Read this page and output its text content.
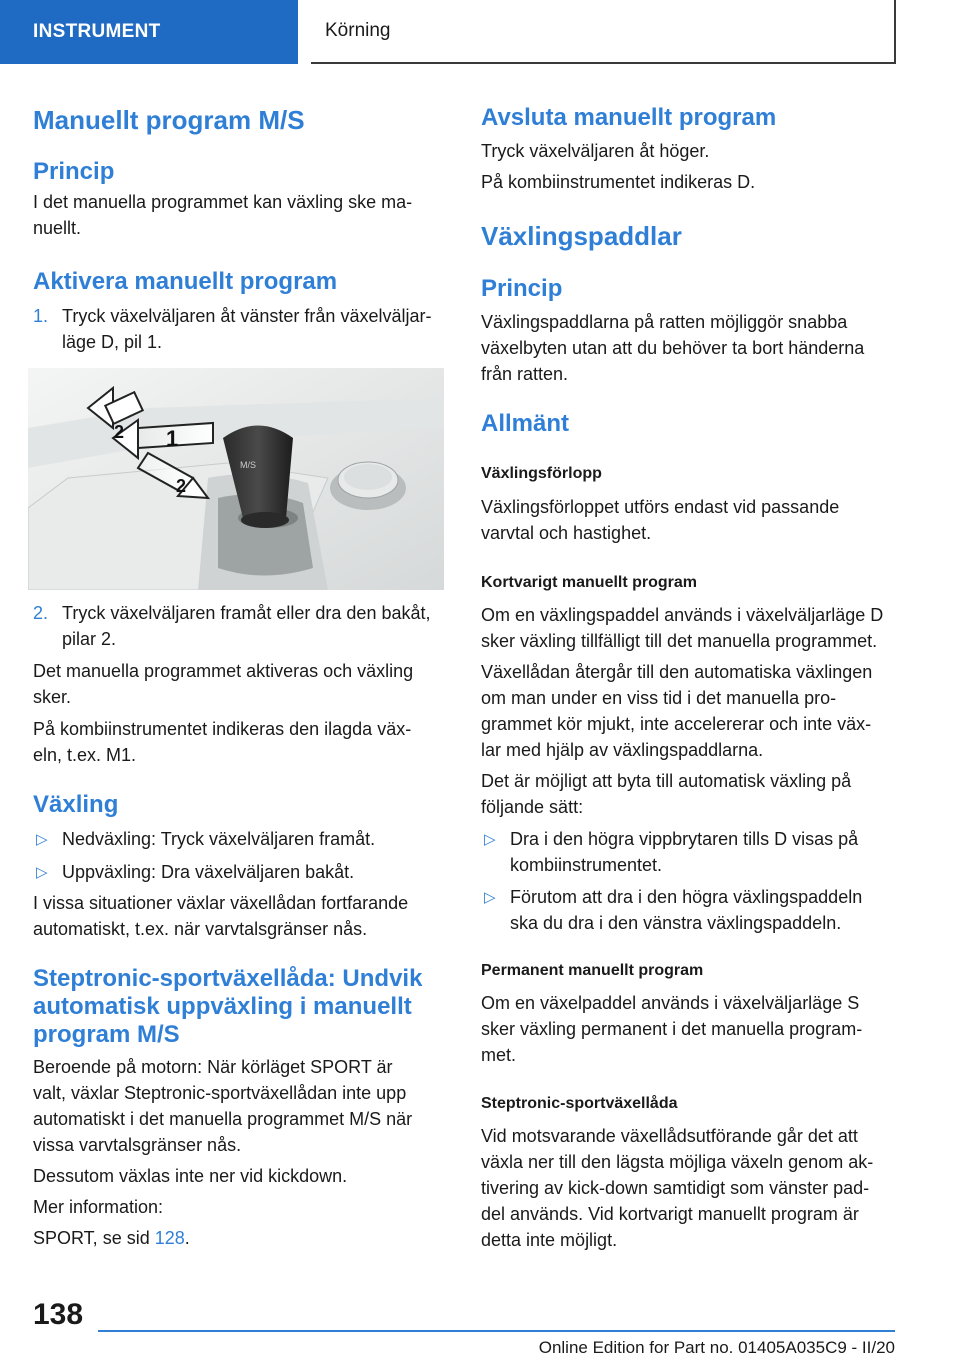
INSTRUMENT	Körning
Manuellt program M/S
Princip

I det manuella programmet kan växling ske ma‐

nuellt.

Aktivera manuellt program
1. Tryck växelväljaren åt vänster från växelväljar‐
läge D, pil 1.
2. Tryck växelväljaren framåt eller dra den bakåt,
pilar 2.

Det manuella programmet aktiveras och växling

sker.

På kombiinstrumentet indikeras den ilagda väx‐

eln, t.ex. M1.

Växling
▷ Nedväxling: Tryck växelväljaren framåt.
▷ Uppväxling: Dra växelväljaren bakåt.

I vissa situationer växlar växellådan fortfarande

automatiskt, t.ex. när varvtalsgränser nås.

Steptronic-sportväxellåda: Undvik
automatisk uppväxling i manuellt
program M/S

Beroende på motorn: När körläget SPORT är

valt, växlar Steptronic-sportväxellådan inte upp

automatiskt i det manuella programmet M/S när

vissa varvtalsgränser nås.

Dessutom växlas inte ner vid kickdown.

Mer information:

SPORT, se sid 128.

M/S
1
2
2
Avsluta manuellt program

Tryck växelväljaren åt höger.

På kombiinstrumentet indikeras D.

Växlingspaddlar
Princip

Växlingspaddlarna på ratten möjliggör snabba

växelbyten utan att du behöver ta bort händerna

från ratten.

Allmänt
Växlingsförlopp

Växlingsförloppet utförs endast vid passande

varvtal och hastighet.

Kortvarigt manuellt program

Om en växlingspaddel används i växelväljarläge D

sker växling tillfälligt till det manuella programmet.

Växellådan återgår till den automatiska växlingen

om man under en viss tid i det manuella pro‐

grammet kör mjukt, inte accelererar och inte väx‐

lar med hjälp av växlingspaddlarna.

Det är möjligt att byta till automatisk växling på

följande sätt:

▷ Dra i den högra vippbrytaren tills D visas på
kombiinstrumentet.
▷ Förutom att dra i den högra växlingspaddeln
ska du dra i den vänstra växlingspaddeln.
Permanent manuellt program

Om en växelpaddel används i växelväljarläge S

sker växling permanent i det manuella program‐

met.

Steptronic-sportväxellåda

Vid motsvarande växellådsutförande går det att

växla ner till den lägsta möjliga växeln genom ak‐

tivering av kick-down samtidigt som vänster pad‐

del används. Vid kortvarigt manuellt program är

detta inte möjligt.

138
Online Edition for Part no. 01405A035C9 - II/20
